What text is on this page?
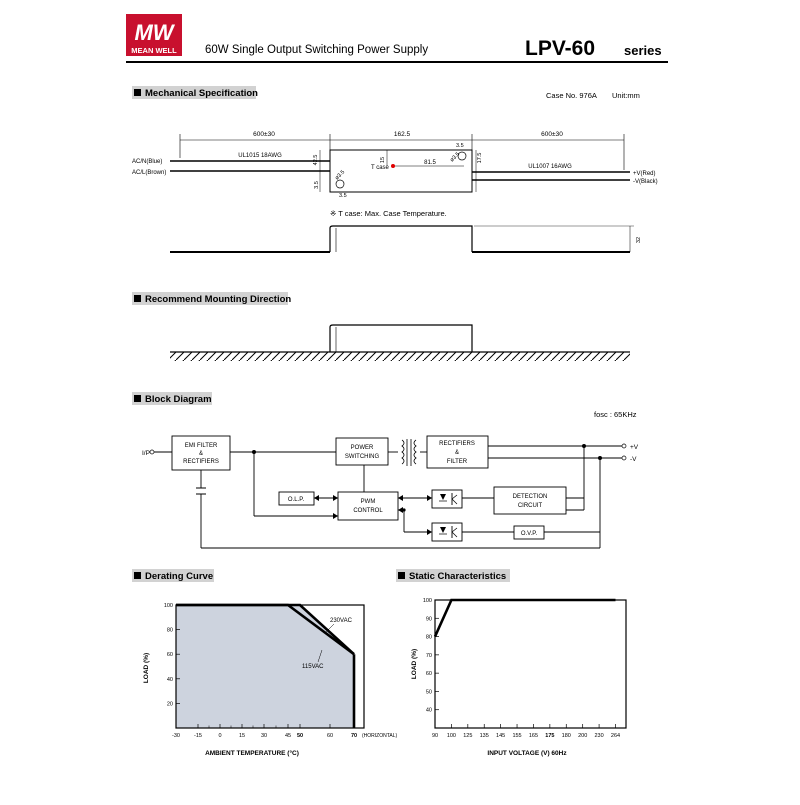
MW
MEAN WELL 60W Single Output Switching Power Supply	LPV-60 series
Mechanical Specification	Case No. 976A Unit:mm
600±30	162.5	600±30
UL1015 18AWG
UL1007 16AWG
AC/N(Blue)
AC/L(Brown)	+V(Red)
-V(Black)
T case
15	81.5
42.5
3.5
ø3.5
3.5
3.5
ø3.5	17.5
※ T case: Max. Case Temperature.
32
Recommend Mounting Direction
Block Diagram
fosc : 65KHz
I/P
+V
-V
EMI FILTER
&
RECTIFIERS
POWER
SWITCHING
RECTIFIERS
&
FILTER
O.L.P.	PWM
CONTROL
DETECTION
CIRCUIT
O.V.P.
Derating Curve
20
40
60
80
100
-30	-15	0	15	30	45 50	60	70 (HORIZONTAL)
230VAC
115VAC
LOAD (%)
AMBIENT TEMPERATURE (°C)
Static Characteristics
40
50
60
70
80
90
100
90 100 125 135 145 155 165 175 180 200 230 264
LOAD (%)
INPUT VOLTAGE (V) 60Hz
